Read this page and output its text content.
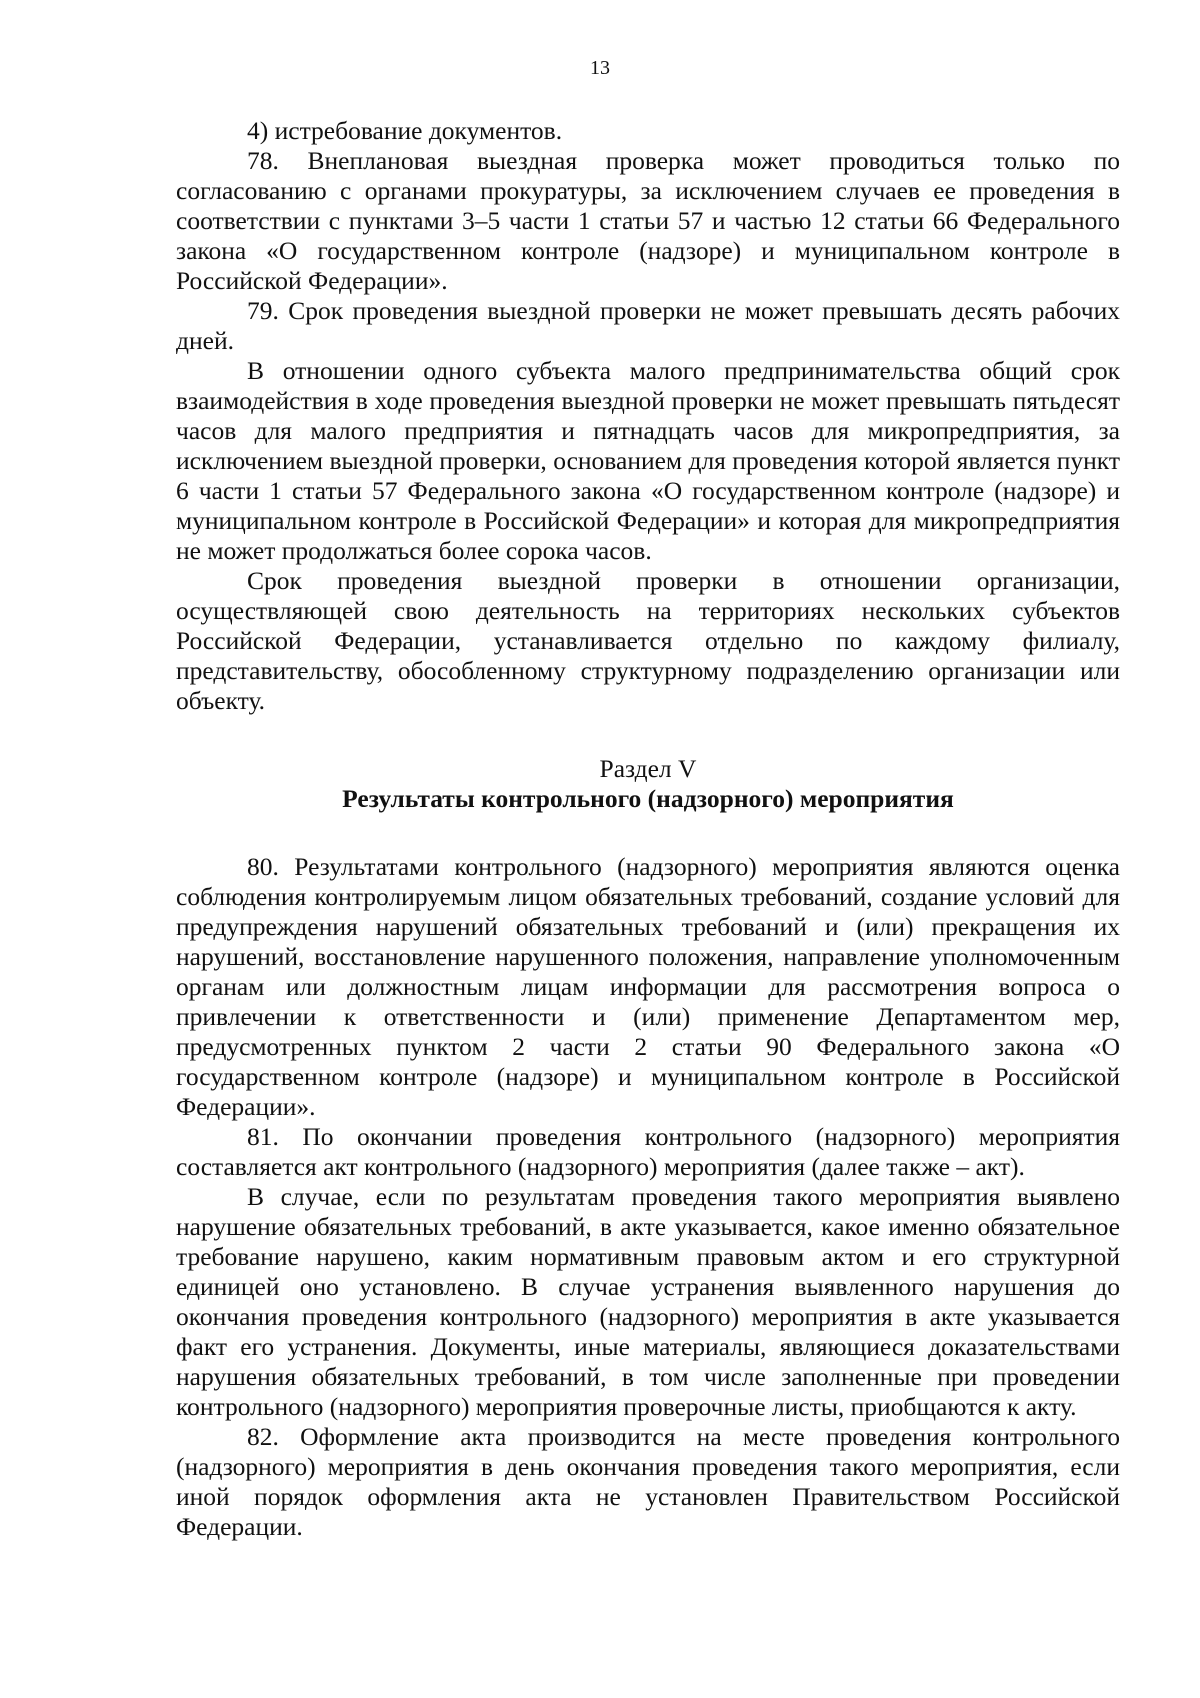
13

4) истребование документов.

78. Внеплановая выездная проверка может проводиться только по согласованию с органами прокуратуры, за исключением случаев ее проведения в соответствии с пунктами 3–5 части 1 статьи 57 и частью 12 статьи 66 Федерального закона «О государственном контроле (надзоре) и муниципальном контроле в Российской Федерации».

79. Срок проведения выездной проверки не может превышать десять рабочих дней.

В отношении одного субъекта малого предпринимательства общий срок взаимодействия в ходе проведения выездной проверки не может превышать пятьдесят часов для малого предприятия и пятнадцать часов для микропредприятия, за исключением выездной проверки, основанием для проведения которой является пункт 6 части 1 статьи 57 Федерального закона «О государственном контроле (надзоре) и муниципальном контроле в Российской Федерации» и которая для микропредприятия не может продолжаться более сорока часов.

Срок проведения выездной проверки в отношении организации, осуществляющей свою деятельность на территориях нескольких субъектов Российской Федерации, устанавливается отдельно по каждому филиалу, представительству, обособленному структурному подразделению организации или объекту.

Раздел V
Результаты контрольного (надзорного) мероприятия

80. Результатами контрольного (надзорного) мероприятия являются оценка соблюдения контролируемым лицом обязательных требований, создание условий для предупреждения нарушений обязательных требований и (или) прекращения их нарушений, восстановление нарушенного положения, направление уполномоченным органам или должностным лицам информации для рассмотрения вопроса о привлечении к ответственности и (или) применение Департаментом мер, предусмотренных пунктом 2 части 2 статьи 90 Федерального закона «О государственном контроле (надзоре) и муниципальном контроле в Российской Федерации».

81. По окончании проведения контрольного (надзорного) мероприятия составляется акт контрольного (надзорного) мероприятия (далее также – акт).

В случае, если по результатам проведения такого мероприятия выявлено нарушение обязательных требований, в акте указывается, какое именно обязательное требование нарушено, каким нормативным правовым актом и его структурной единицей оно установлено. В случае устранения выявленного нарушения до окончания проведения контрольного (надзорного) мероприятия в акте указывается факт его устранения. Документы, иные материалы, являющиеся доказательствами нарушения обязательных требований, в том числе заполненные при проведении контрольного (надзорного) мероприятия проверочные листы, приобщаются к акту.

82. Оформление акта производится на месте проведения контрольного (надзорного) мероприятия в день окончания проведения такого мероприятия, если иной порядок оформления акта не установлен Правительством Российской Федерации.
